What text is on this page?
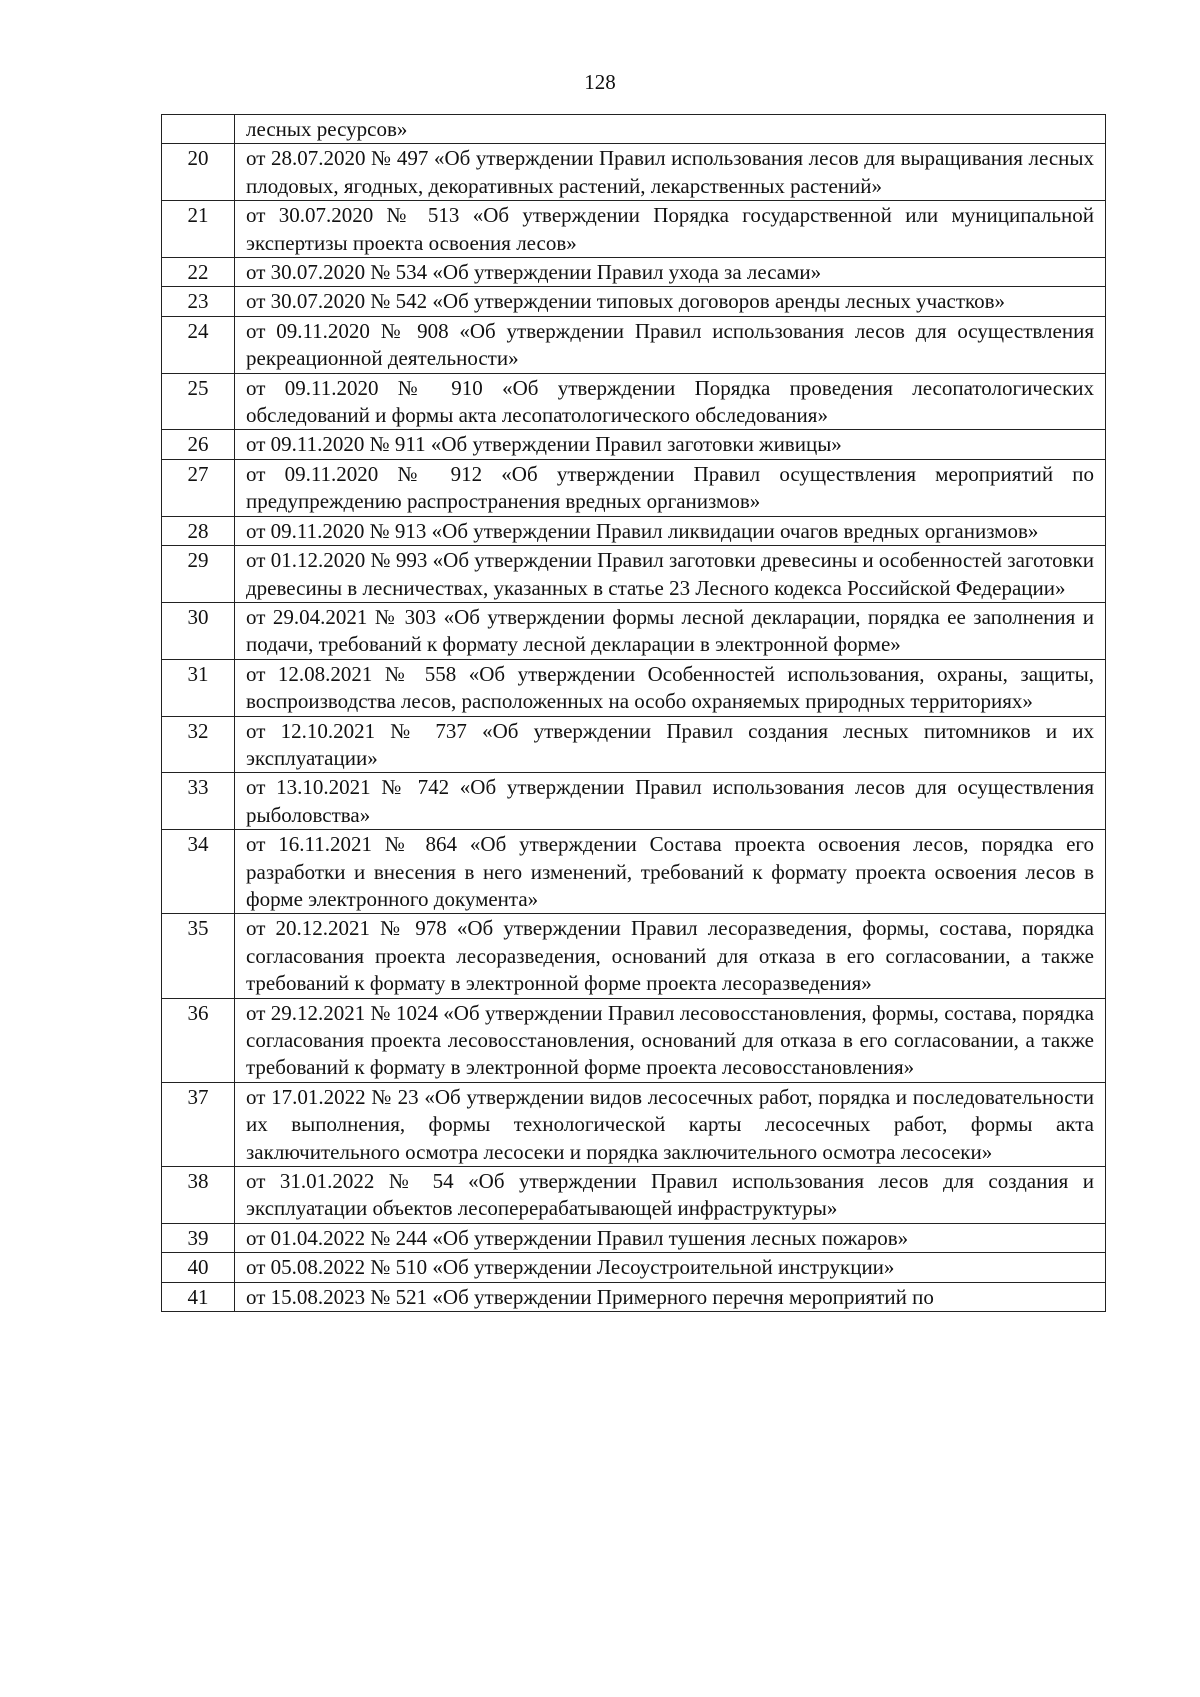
128
	лесных ресурсов»
20	от 28.07.2020 № 497 «Об утверждении Правил использования лесов для выращивания лесных плодовых, ягодных, декоративных растений, лекарственных растений»
21	от 30.07.2020 № 513 «Об утверждении Порядка государственной или муниципальной экспертизы проекта освоения лесов»
22	от 30.07.2020 № 534 «Об утверждении Правил ухода за лесами»
23	от 30.07.2020 № 542 «Об утверждении типовых договоров аренды лесных участков»
24	от 09.11.2020 № 908 «Об утверждении Правил использования лесов для осуществления рекреационной деятельности»
25	от 09.11.2020 № 910 «Об утверждении Порядка проведения лесопатологических обследований и формы акта лесопатологического обследования»
26	от 09.11.2020 № 911 «Об утверждении Правил заготовки живицы»
27	от 09.11.2020 № 912 «Об утверждении Правил осуществления мероприятий по предупреждению распространения вредных организмов»
28	от 09.11.2020 № 913 «Об утверждении Правил ликвидации очагов вредных организмов»
29	от 01.12.2020 № 993 «Об утверждении Правил заготовки древесины и особенностей заготовки древесины в лесничествах, указанных в статье 23 Лесного кодекса Российской Федерации»
30	от 29.04.2021 № 303 «Об утверждении формы лесной декларации, порядка ее заполнения и подачи, требований к формату лесной декларации в электронной форме»
31	от 12.08.2021 № 558 «Об утверждении Особенностей использования, охраны, защиты, воспроизводства лесов, расположенных на особо охраняемых природных территориях»
32	от 12.10.2021 № 737 «Об утверждении Правил создания лесных питомников и их эксплуатации»
33	от 13.10.2021 № 742 «Об утверждении Правил использования лесов для осуществления рыболовства»
34	от 16.11.2021 № 864 «Об утверждении Состава проекта освоения лесов, порядка его разработки и внесения в него изменений, требований к формату проекта освоения лесов в форме электронного документа»
35	от 20.12.2021 № 978 «Об утверждении Правил лесоразведения, формы, состава, порядка согласования проекта лесоразведения, оснований для отказа в его согласовании, а также требований к формату в электронной форме проекта лесоразведения»
36	от 29.12.2021 № 1024 «Об утверждении Правил лесовосстановления, формы, состава, порядка согласования проекта лесовосстановления, оснований для отказа в его согласовании, а также требований к формату в электронной форме проекта лесовосстановления»
37	от 17.01.2022 № 23 «Об утверждении видов лесосечных работ, порядка и последовательности их выполнения, формы технологической карты лесосечных работ, формы акта заключительного осмотра лесосеки и порядка заключительного осмотра лесосеки»
38	от 31.01.2022 № 54 «Об утверждении Правил использования лесов для создания и эксплуатации объектов лесоперерабатывающей инфраструктуры»
39	от 01.04.2022 № 244 «Об утверждении Правил тушения лесных пожаров»
40	от 05.08.2022 № 510 «Об утверждении Лесоустроительной инструкции»
41	от 15.08.2023 № 521 «Об утверждении Примерного перечня мероприятий по
